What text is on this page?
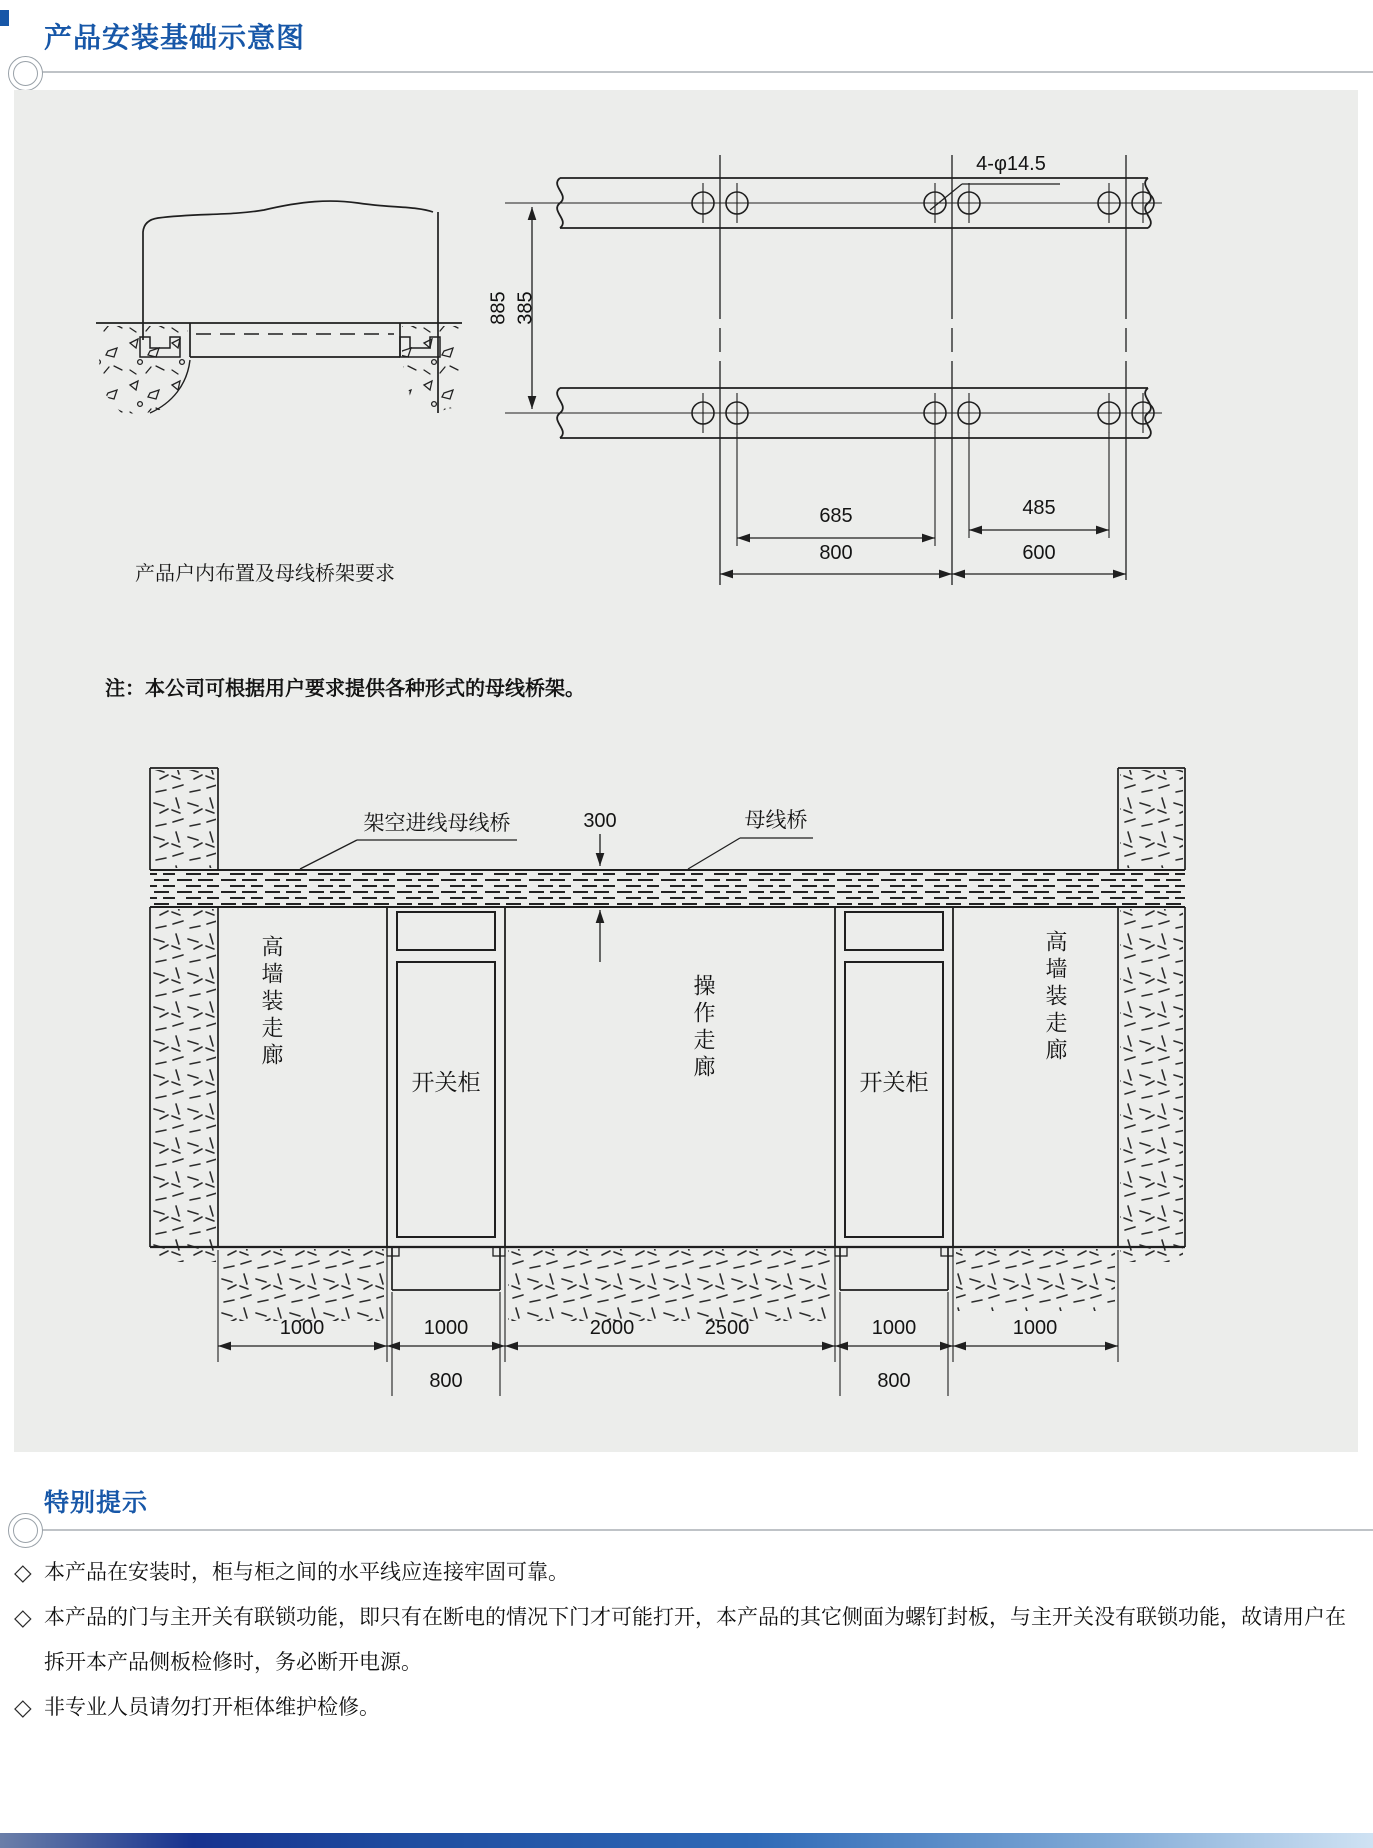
产品安装基础示意图
产品户内布置及母线桥架要求
注：本公司可根据用户要求提供各种形式的母线桥架。
4-φ14.5
685	485
800	600
300
架空进线母线桥	母线桥
开关柜	开关柜
1000	1000	2000	2500	1000	1000
800	800
885 385
高墙装走廊	操作走廊	高墙装走廊
特别提示
◇ 本产品在安装时，柜与柜之间的水平线应连接牢固可靠。
◇ 本产品的门与主开关有联锁功能，即只有在断电的情况下门才可能打开，本产品的其它侧面为螺钉封板，与主开关没有联锁功能，故请用户在拆开本产品侧板检修时，务必断开电源。
◇ 非专业人员请勿打开柜体维护检修。
